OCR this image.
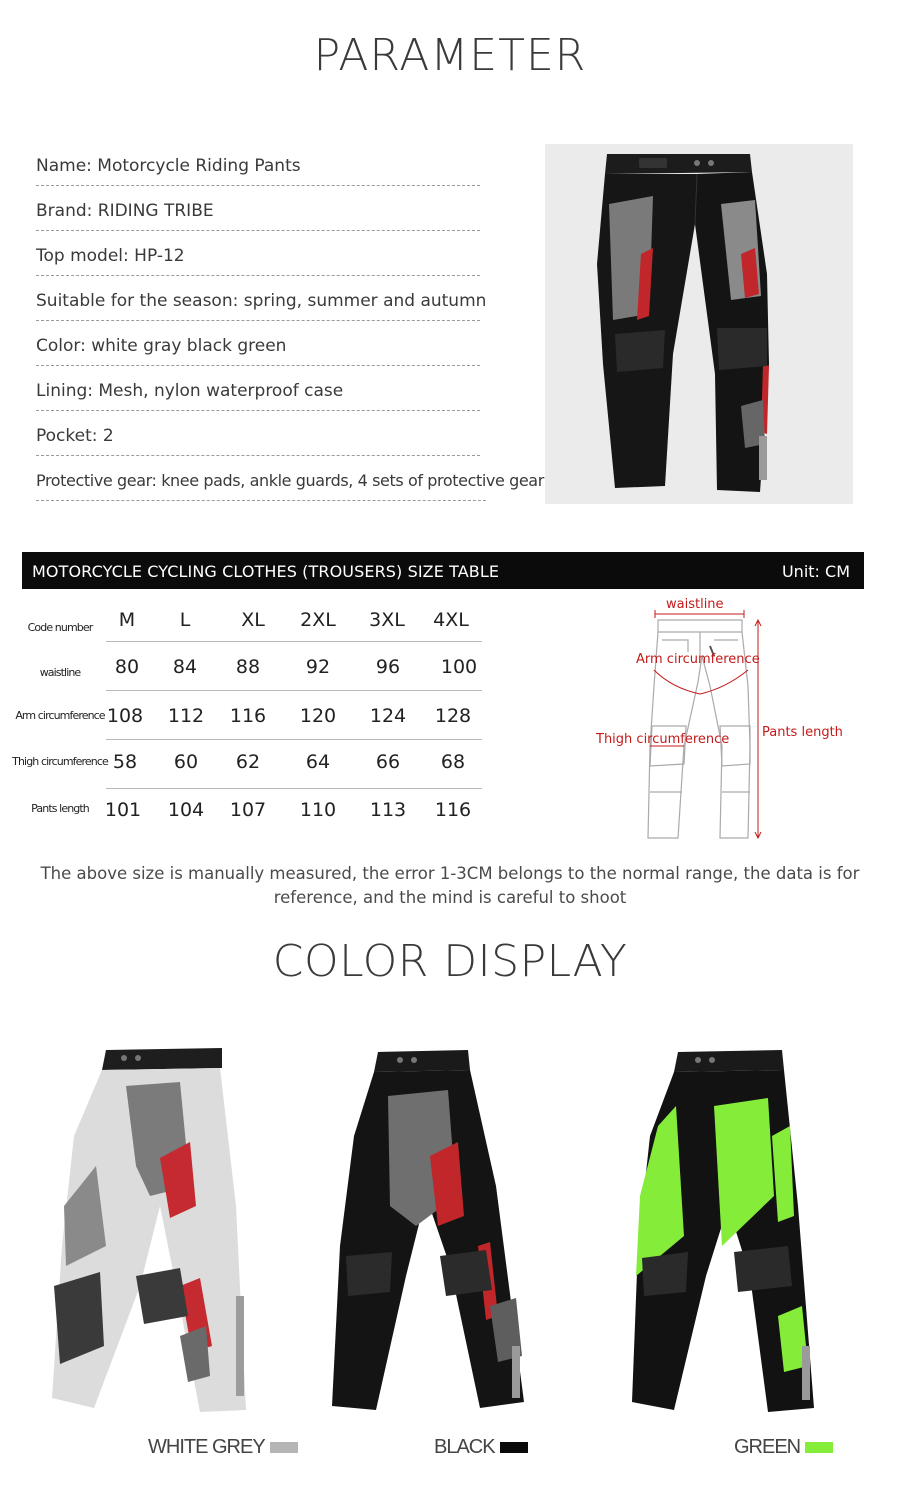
PARAMETER
Name: Motorcycle Riding Pants
Brand: RIDING TRIBE
Top model: HP-12
Suitable for the season: spring, summer and autumn
Color: white gray black green
Lining: Mesh, nylon waterproof case
Pocket: 2
Protective gear: knee pads, ankle guards, 4 sets of protective gear
MOTORCYCLE CYCLING CLOTHES (TROUSERS) SIZE TABLE	Unit: CM
Code number	M	L	XL	2XL	3XL	4XL
waistline	80	84	88	92	96	100
Arm circumference 108	112	116	120	124	128
Thigh circumference 58	60	62	64	66	68
Pants length 101	104	107	110	113	116
waistline
Arm circumference
Thigh circumference	Pants length
The above size is manually measured, the error 1-3CM belongs to the normal range, the data is for reference, and the mind is careful to shoot
COLOR DISPLAY
WHITE GREY	BLACK	GREEN
